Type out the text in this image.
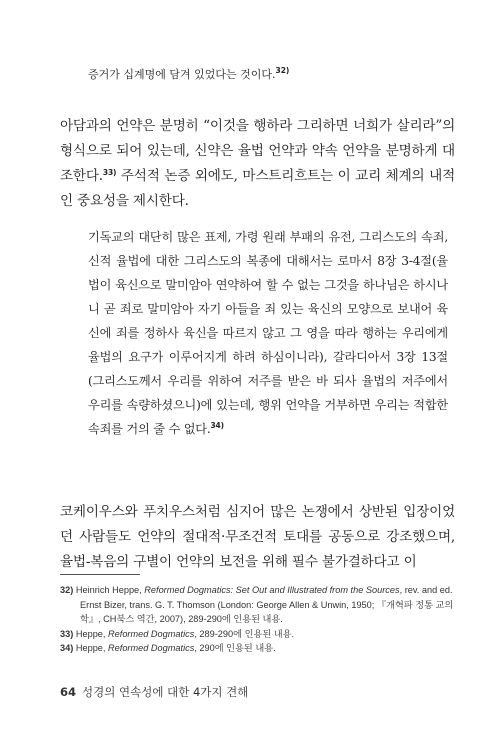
증거가 십계명에 담겨 있었다는 것이다.$^{32)}$

아담과의 언약은 분명히 “이것을 행하라 그리하면 너희가 살리라”의 형식으로 되어 있는데, 신약은 율법 언약과 약속 언약을 분명하게 대조한다.$^{33)}$ 주석적 논증 외에도, 마스트리흐트는 이 교리 체계의 내적인 중요성을 제시한다.

기독교의 대단히 많은 표제, 가령 원래 부패의 유전, 그리스도의 속죄, 신적 율법에 대한 그리스도의 복종에 대해서는 로마서 8장 3-4절(율법이 육신으로 말미암아 연약하여 할 수 없는 그것을 하나님은 하시나니 곧 죄로 말미암아 자기 아들을 죄 있는 육신의 모양으로 보내어 육신에 죄를 정하사 육신을 따르지 않고 그 영을 따라 행하는 우리에게 율법의 요구가 이루어지게 하려 하심이니라), 갈라디아서 3장 13절(그리스도께서 우리를 위하여 저주를 받은 바 되사 율법의 저주에서 우리를 속량하셨으니)에 있는데, 행위 언약을 거부하면 우리는 적합한 속죄를 거의 줄 수 없다.$^{34)}$

코케이우스와 푸치우스처럼 심지어 많은 논쟁에서 상반된 입장이었던 사람들도 언약의 절대적·무조건적 토대를 공동으로 강조했으며, 율법-복음의 구별이 언약의 보전을 위해 필수 불가결하다고 이

32) Heinrich Heppe, Reformed Dogmatics: Set Out and Illustrated from the Sources, rev. and ed. Ernst Bizer, trans. G. T. Thomson (London: George Allen & Unwin, 1950; 『개혁파 정통 교의학』, CH북스 역간, 2007), 289-290에 인용된 내용.

33) Heppe, Reformed Dogmatics, 289-290에 인용된 내용.

34) Heppe, Reformed Dogmatics, 290에 인용된 내용.

64 성경의 연속성에 대한 4가지 견해
